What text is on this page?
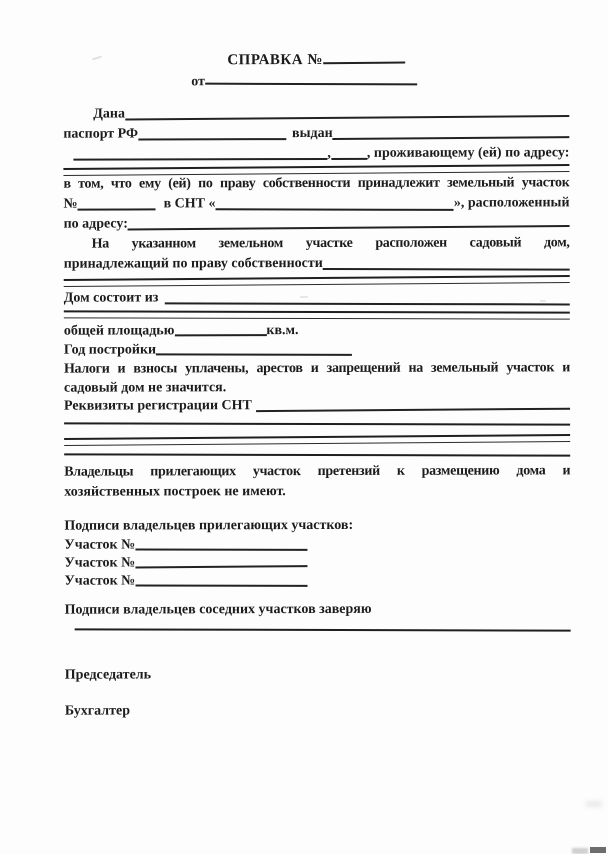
СПРАВКА №
от
Дана
паспорт РФ	выдан
,	, проживающему (ей) по адресу:
в том, что ему (ей) по праву собственности принадлежит земельный участок
№	в СНТ «	», расположенный
по адресу:
На указанном земельном участке расположен садовый дом,
принадлежащий по праву собственности
Дом состоит из
общей площадью	кв.м.
Год постройки
Налоги и взносы уплачены, арестов и запрещений на земельный участок и
садовый дом не значится.
Реквизиты регистрации СНТ
Владельцы прилегающих участок претензий к размещению дома и
хозяйственных построек не имеют.
Подписи владельцев прилегающих участков:
Участок №
Участок №
Участок №
Подписи владельцев соседних участков заверяю
Председатель
Бухгалтер
